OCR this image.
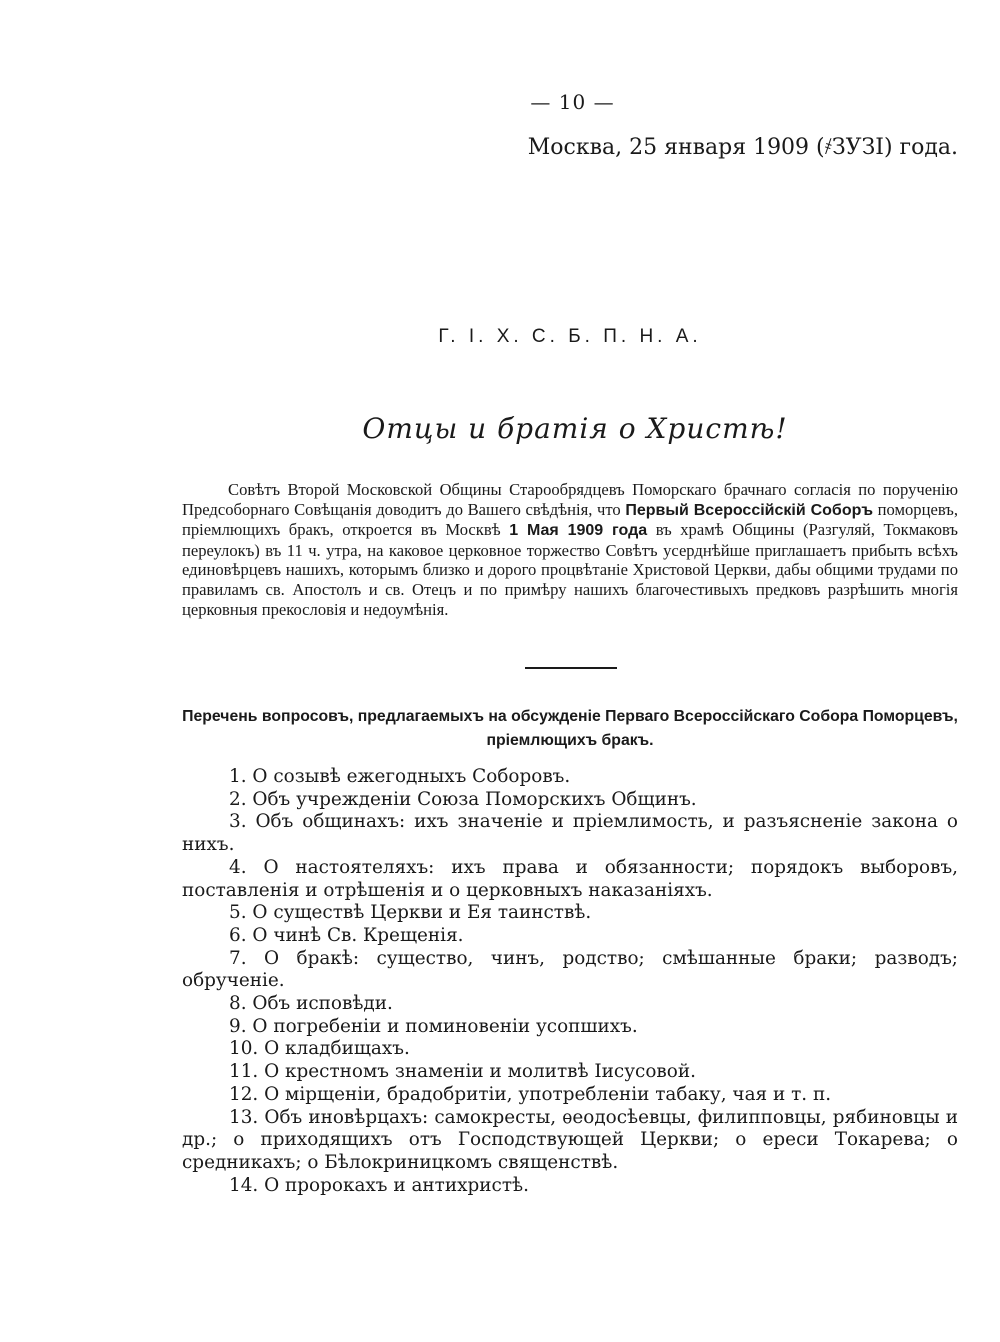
— 10 —
Москва, 25 января 1909 (҂ЗУЗІ) года.
Г. І. Х. С. Б. П. Н. А.
Отцы и братія о Христѣ!

Совѣтъ Второй Московской Общины Старообрядцевъ Поморскаго брачнаго согласія по порученію Предсоборнаго Совѣщанія доводитъ до Вашего свѣдѣнія, что Первый Всероссійскій Соборъ поморцевъ, пріемлющихъ бракъ, откроется въ Москвѣ 1 Мая 1909 года въ храмѣ Общины (Разгуляй, Токмаковъ переулокъ) въ 11 ч. утра, на каковое церковное торжество Совѣтъ усерднѣйше приглашаетъ прибыть всѣхъ единовѣрцевъ нашихъ, которымъ близко и дорого процвѣтаніе Христовой Церкви, дабы общими трудами по правиламъ св. Апостолъ и св. Отецъ и по примѣру нашихъ благочестивыхъ предковъ разрѣшить многія церковныя прекословія и недоумѣнія.

Перечень вопросовъ, предлагаемыхъ на обсужденіе Перваго Всероссійскаго Собора Поморцевъ, пріемлющихъ бракъ.
1. О созывѣ ежегодныхъ Соборовъ.
2. Объ учрежденіи Союза Поморскихъ Общинъ.
3. Объ общинахъ: ихъ значеніе и пріемлимость, и разъясненіе закона о нихъ.
4. О настоятеляхъ: ихъ права и обязанности; порядокъ выборовъ, поставленія и отрѣшенія и о церковныхъ наказаніяхъ.
5. О существѣ Церкви и Ея таинствѣ.
6. О чинѣ Св. Крещенія.
7. О бракѣ: существо, чинъ, родство; смѣшанные браки; разводъ; обрученіе.
8. Объ исповѣди.
9. О погребеніи и поминовеніи усопшихъ.
10. О кладбищахъ.
11. О крестномъ знаменіи и молитвѣ Іисусовой.
12. О мірщеніи, брадобритіи, употребленіи табаку, чая и т. п.
13. Объ иновѣрцахъ: самокресты, ѳеодосѣевцы, филипповцы, рябиновцы и др.; о приходящихъ отъ Господствующей Церкви; о ереси Токарева; о средникахъ; о Бѣлокриницкомъ священствѣ.
14. О пророкахъ и антихристѣ.
